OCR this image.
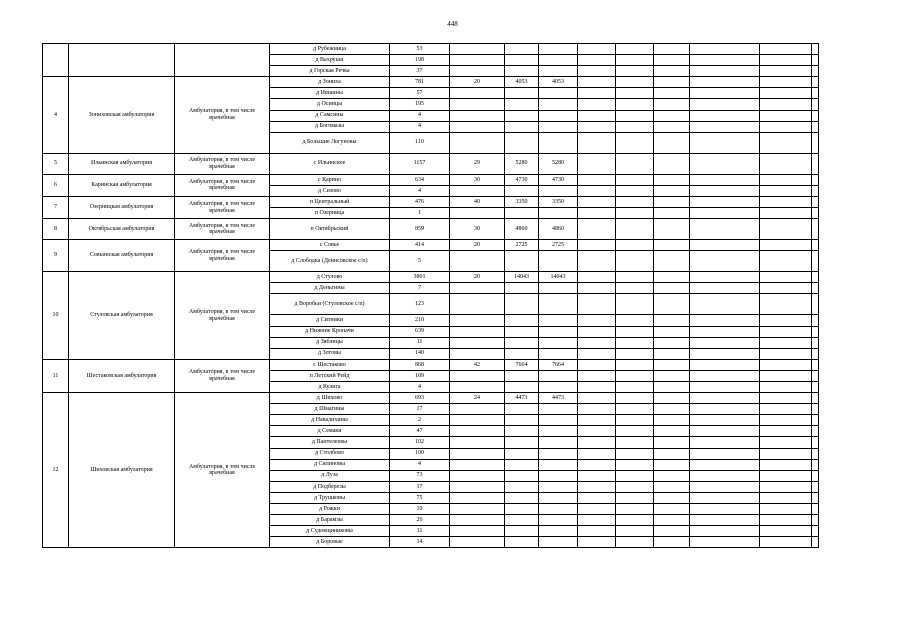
448
			д Рубежница	53										
			д Вахруши	198										
			д Горская Речка	37										
4	Зониховская амбулатория	Амбулатория, в том числе врачебная	д Зониха	781	20	4053	4053							
			д Ившины	57										
			д Осинцы	195										
			д Самсины	4										
			д Богомазы	4										
			д Большие Логуновы	110										
5	Ильинская амбулатория	Амбулатория, в том числе врачебная	с Ильинское	1157	29	5280	5280							
6	Каринская амбулатория	Амбулатория, в том числе врачебная	с Карино	634	30	4730	4730							
			д Сизово	4										
7	Озерницкая амбулатория	Амбулатория, в том числе врачебная	п Центральный	476	40	3350	3350							
			п Озерница	1										
8	Октябрьская амбулатория	Амбулатория, в том числе врачебная	п Октябрьский	859	30	4860	4860							
9	Совьинская амбулатория	Амбулатория, в том числе врачебная	с Совье	414	20	2725	2725							
			д Слободка (Денисовское с/п)	5										
10	Стуловская амбулатория	Амбулатория, в том числе врачебная	д Стулово	3801	20	14043	14043							
			д Деньгины	7										
			д Воробьи (Стуловское с/п)	123										
			д Ситники	210										
			д Нижние Кропачи	639										
			д Зяблицы	11										
			д Зотовы	140										
11	Шестаковская амбулатория	Амбулатория, в том числе врачебная	с Шестаково	868	42	7664	7664							
			п Летский Рейд	109										
			д Кулига	4										
12	Шиховская амбулатория	Амбулатория, в том числе врачебная	д Шихово	693	24	4473	4473							
			д Шмагины	17										
			д Навалихины	2										
			д Семаки	47										
			д Пантелеевы	102										
			д Столбово	100										
			д Силиновы	4										
			д Луза	73										
			д Подберезы	17										
			д Трушковы	75										
			д Рожки	10										
			д Барамзы	26										
			д Судовщиниковы	11										
			д Боровые	14										
